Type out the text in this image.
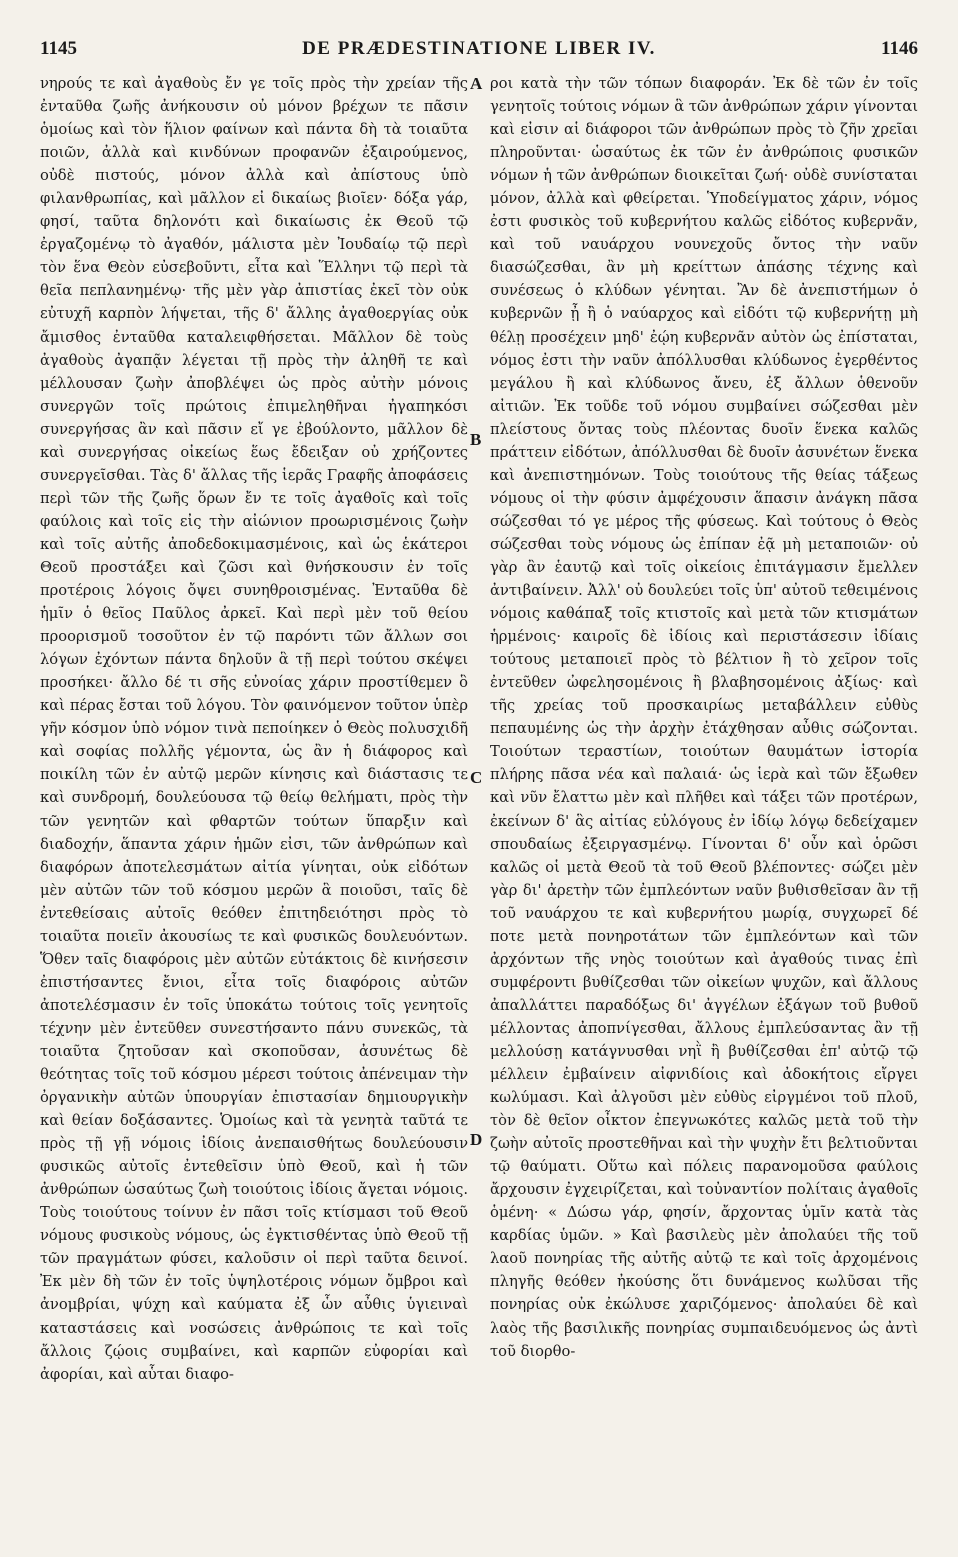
1145	DE PRÆDESTINATIONE LIBER IV.	1146

νηρούς τε καὶ ἀγαθοὺς ἔν γε τοῖς πρὸς τὴν χρείαν τῆς ἐνταῦθα ζωῆς ἀνήκουσιν οὐ μόνον βρέχων τε πᾶσιν ὁμοίως καὶ τὸν ἥλιον φαίνων καὶ πάντα δὴ τὰ τοιαῦτα ποιῶν, ἀλλὰ καὶ κινδύνων προφανῶν ἐξαιρούμενος, οὐδὲ πιστούς, μόνον ἀλλὰ καὶ ἀπίστους ὑπὸ φιλανθρωπίας, καὶ μᾶλλον εἰ δικαίως βιοῖεν· δόξα γάρ, φησί, ταῦτα δηλονότι καὶ δικαίωσις ἐκ Θεοῦ τῷ ἐργαζομένῳ τὸ ἀγαθόν, μάλιστα μὲν Ἰουδαίῳ τῷ περὶ τὸν ἕνα Θεὸν εὐσεβοῦντι, εἶτα καὶ Ἕλληνι τῷ περὶ τὰ θεῖα πεπλανημένῳ· τῆς μὲν γὰρ ἀπιστίας ἐκεῖ τὸν οὐκ εὐτυχῆ καρπὸν λήψεται, τῆς δ' ἄλλης ἀγαθοεργίας οὐκ ἄμισθος ἐνταῦθα καταλειφθήσεται. Μᾶλλον δὲ τοὺς ἀγαθοὺς ἀγαπᾷν λέγεται τῇ πρὸς τὴν ἀληθῆ τε καὶ μέλλουσαν ζωὴν ἀποβλέψει ὡς πρὸς αὐτὴν μόνοις συνεργῶν τοῖς πρώτοις ἐπιμεληθῆναι ἠγαπηκόσι συνεργήσας ἂν καὶ πᾶσιν εἴ γε ἐβούλοντο, μᾶλλον δὲ καὶ συνεργήσας οἰκείως ἕως ἔδειξαν οὐ χρήζοντες συνεργεῖσθαι. Τὰς δ' ἄλλας τῆς ἱερᾶς Γραφῆς ἀποφάσεις περὶ τῶν τῆς ζωῆς ὅρων ἔν τε τοῖς ἀγαθοῖς καὶ τοῖς φαύλοις καὶ τοῖς εἰς τὴν αἰώνιον προωρισμένοις ζωὴν καὶ τοῖς αὐτῆς ἀποδεδοκιμασμένοις, καὶ ὡς ἑκάτεροι Θεοῦ προστάξει καὶ ζῶσι καὶ θνήσκουσιν ἐν τοῖς προτέροις λόγοις ὄψει συνηθροισμένας. Ἐνταῦθα δὲ ἡμῖν ὁ θεῖος Παῦλος ἀρκεῖ. Καὶ περὶ μὲν τοῦ θείου προορισμοῦ τοσοῦτον ἐν τῷ παρόντι τῶν ἄλλων σοι λόγων ἐχόντων πάντα δηλοῦν ἃ τῇ περὶ τούτου σκέψει προσήκει· ἄλλο δέ τι σῆς εὐνοίας χάριν προστίθεμεν ὃ καὶ πέρας ἔσται τοῦ λόγου. Τὸν φαινόμενον τοῦτον ὑπὲρ γῆν κόσμον ὑπὸ νόμον τινὰ πεποίηκεν ὁ Θεὸς πολυσχιδῆ καὶ σοφίας πολλῆς γέμοντα, ὡς ἂν ἡ διάφορος καὶ ποικίλη τῶν ἐν αὐτῷ μερῶν κίνησις καὶ διάστασις τε καὶ συνδρομή, δουλεύουσα τῷ θείῳ θελήματι, πρὸς τὴν τῶν γενητῶν καὶ φθαρτῶν τούτων ὕπαρξιν καὶ διαδοχήν, ἅπαντα χάριν ἡμῶν εἰσι, τῶν ἀνθρώπων καὶ διαφόρων ἀποτελεσμάτων αἰτία γίνηται, οὐκ εἰδότων μὲν αὐτῶν τῶν τοῦ κόσμου μερῶν ἃ ποιοῦσι, ταῖς δὲ ἐντεθείσαις αὐτοῖς θεόθεν ἐπιτηδειότησι πρὸς τὸ τοιαῦτα ποιεῖν ἀκουσίως τε καὶ φυσικῶς δουλευόντων. Ὅθεν ταῖς διαφόροις μὲν αὐτῶν εὐτάκτοις δὲ κινήσεσιν ἐπιστήσαντες ἔνιοι, εἶτα τοῖς διαφόροις αὐτῶν ἀποτελέσμασιν ἐν τοῖς ὑποκάτω τούτοις τοῖς γενητοῖς τέχνην μὲν ἐντεῦθεν συνεστήσαντο πάνυ συνεκῶς, τὰ τοιαῦτα ζητοῦσαν καὶ σκοποῦσαν, ἀσυνέτως δὲ θεότητας τοῖς τοῦ κόσμου μέρεσι τούτοις ἀπένειμαν τὴν ὀργανικὴν αὐτῶν ὑπουργίαν ἐπιστασίαν δημιουργικὴν καὶ θείαν δοξάσαντες. Ὁμοίως καὶ τὰ γενητὰ ταῦτά τε πρὸς τῇ γῇ νόμοις ἰδίοις ἀνεπαισθήτως δουλεύουσιν φυσικῶς αὐτοῖς ἐντεθεῖσιν ὑπὸ Θεοῦ, καὶ ἡ τῶν ἀνθρώπων ὡσαύτως ζωὴ τοιούτοις ἰδίοις ἄγεται νόμοις. Τοὺς τοιούτους τοίνυν ἐν πᾶσι τοῖς κτίσμασι τοῦ Θεοῦ νόμους φυσικοὺς νόμους, ὡς ἐγκτισθέντας ὑπὸ Θεοῦ τῇ τῶν πραγμάτων φύσει, καλοῦσιν οἱ περὶ ταῦτα δεινοί. Ἐκ μὲν δὴ τῶν ἐν τοῖς ὑψηλοτέροις νόμων ὄμβροι καὶ ἀνομβρίαι, ψύχη καὶ καύματα ἐξ ὧν αὖθις ὑγιειναὶ καταστάσεις καὶ νοσώσεις ἀνθρώποις τε καὶ τοῖς ἄλλοις ζῴοις συμβαίνει, καὶ καρπῶν εὐφορίαι καὶ ἀφορίαι, καὶ αὗται διαφο-

ροι κατὰ τὴν τῶν τόπων διαφοράν. Ἐκ δὲ τῶν ἐν τοῖς γενητοῖς τούτοις νόμων ἃ τῶν ἀνθρώπων χάριν γίνονται καὶ εἰσιν αἱ διάφοροι τῶν ἀνθρώπων πρὸς τὸ ζῆν χρεῖαι πληροῦνται· ὡσαύτως ἐκ τῶν ἐν ἀνθρώποις φυσικῶν νόμων ἡ τῶν ἀνθρώπων διοικεῖται ζωή· οὐδὲ συνίσταται μόνον, ἀλλὰ καὶ φθείρεται. Ὑποδείγματος χάριν, νόμος ἐστι φυσικὸς τοῦ κυβερνήτου καλῶς εἰδότος κυβερνᾶν, καὶ τοῦ ναυάρχου νουνεχοῦς ὄντος τὴν ναῦν διασώζεσθαι, ἂν μὴ κρείττων ἁπάσης τέχνης καὶ συνέσεως ὁ κλύδων γένηται. Ἂν δὲ ἀνεπιστήμων ὁ κυβερνῶν ᾖ ἢ ὁ ναύαρχος καὶ εἰδότι τῷ κυβερνήτῃ μὴ θέλῃ προσέχειν μηδ' ἐῴη κυβερνᾶν αὐτὸν ὡς ἐπίσταται, νόμος ἐστι τὴν ναῦν ἀπόλλυσθαι κλύδωνος ἐγερθέντος μεγάλου ἢ καὶ κλύδωνος ἄνευ, ἐξ ἄλλων ὁθενοῦν αἰτιῶν. Ἐκ τοῦδε τοῦ νόμου συμβαίνει σώζεσθαι μὲν πλείστους ὄντας τοὺς πλέοντας δυοῖν ἕνεκα καλῶς πράττειν εἰδότων, ἀπόλλυσθαι δὲ δυοῖν ἀσυνέτων ἕνεκα καὶ ἀνεπιστημόνων. Τοὺς τοιούτους τῆς θείας τάξεως νόμους οἱ τὴν φύσιν ἀμφέχουσιν ἅπασιν ἀνάγκη πᾶσα σώζεσθαι τό γε μέρος τῆς φύσεως. Καὶ τούτους ὁ Θεὸς σώζεσθαι τοὺς νόμους ὡς ἐπίπαν ἐᾷ μὴ μεταποιῶν· οὐ γὰρ ἂν ἑαυτῷ καὶ τοῖς οἰκείοις ἐπιτάγμασιν ἔμελλεν ἀντιβαίνειν. Ἀλλ' οὐ δουλεύει τοῖς ὑπ' αὐτοῦ τεθειμένοις νόμοις καθάπαξ τοῖς κτιστοῖς καὶ μετὰ τῶν κτισμάτων ἡρμένοις· καιροῖς δὲ ἰδίοις καὶ περιστάσεσιν ἰδίαις τούτους μεταποιεῖ πρὸς τὸ βέλτιον ἢ τὸ χεῖρον τοῖς ἐντεῦθεν ὠφελησομένοις ἢ βλαβησομένοις ἀξίως· καὶ τῆς χρείας τοῦ προσκαιρίως μεταβάλλειν εὐθὺς πεπαυμένης ὡς τὴν ἀρχὴν ἐτάχθησαν αὖθις σώζονται. Τοιούτων τεραστίων, τοιούτων θαυμάτων ἱστορία πλήρης πᾶσα νέα καὶ παλαιά· ὡς ἱερὰ καὶ τῶν ἔξωθεν καὶ νῦν ἔλαττω μὲν καὶ πλῆθει καὶ τάξει τῶν προτέρων, ἐκείνων δ' ἃς αἰτίας εὐλόγους ἐν ἰδίῳ λόγῳ δεδείχαμεν σπουδαίως ἐξειργασμένῳ. Γίνονται δ' οὖν καὶ ὁρῶσι καλῶς οἱ μετὰ Θεοῦ τὰ τοῦ Θεοῦ βλέποντες· σώζει μὲν γὰρ δι' ἀρετὴν τῶν ἐμπλεόντων ναῦν βυθισθεῖσαν ἂν τῇ τοῦ ναυάρχου τε καὶ κυβερνήτου μωρίᾳ, συγχωρεῖ δέ ποτε μετὰ πονηροτάτων τῶν ἐμπλεόντων καὶ τῶν ἀρχόντων τῆς νηὸς τοιούτων καὶ ἀγαθούς τινας ἐπὶ συμφέροντι βυθίζεσθαι τῶν οἰκείων ψυχῶν, καὶ ἄλλους ἀπαλλάττει παραδόξως δι' ἀγγέλων ἐξάγων τοῦ βυθοῦ μέλλοντας ἀποπνίγεσθαι, ἄλλους ἐμπλεύσαντας ἂν τῇ μελλούσῃ κατάγνυσθαι νηῒ ἢ βυθίζεσθαι ἐπ' αὐτῷ τῷ μέλλειν ἐμβαίνειν αἰφνιδίοις καὶ ἀδοκήτοις εἴργει κωλύμασι. Καὶ ἀλγοῦσι μὲν εὐθὺς εἰργμένοι τοῦ πλοῦ, τὸν δὲ θεῖον οἶκτον ἐπεγνωκότες καλῶς μετὰ τοῦ τὴν ζωὴν αὐτοῖς προστεθῆναι καὶ τὴν ψυχὴν ἔτι βελτιοῦνται τῷ θαύματι. Οὕτω καὶ πόλεις παρανομοῦσα φαύλοις ἄρχουσιν ἐγχειρίζεται, καὶ τοὐναντίον πολίταις ἀγαθοῖς ὁμένη· « Δώσω γάρ, φησίν, ἄρχοντας ὑμῖν κατὰ τὰς καρδίας ὑμῶν. » Καὶ βασιλεὺς μὲν ἀπολαύει τῆς τοῦ λαοῦ πονηρίας τῆς αὐτῆς αὐτῷ τε καὶ τοῖς ἀρχομένοις πληγῆς θεόθεν ἠκούσης ὅτι δυνάμενος κωλῦσαι τῆς πονηρίας οὐκ ἐκώλυσε χαριζόμενος· ἀπολαύει δὲ καὶ λαὸς τῆς βασιλικῆς πονηρίας συμπαιδευόμενος ὡς ἀντὶ τοῦ διορθο-

A
B
C
D
